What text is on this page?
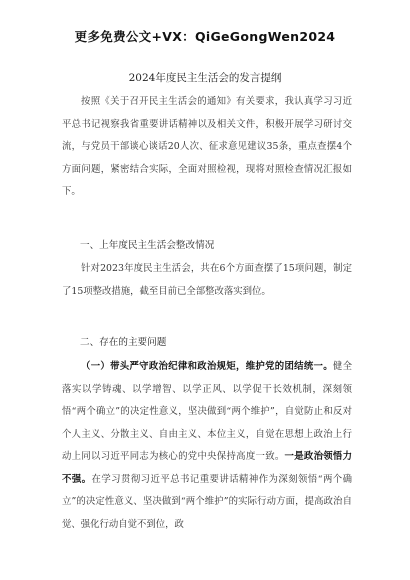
更多免费公文+VX：QiGeGongWen2024
2024年度民主生活会的发言提纲

按照《关于召开民主生活会的通知》有关要求，我认真学习习近平总书记视察我省重要讲话精神以及相关文件，积极开展学习研讨交流，与党员干部谈心谈话20人次、征求意见建议35条，重点查摆4个方面问题，紧密结合实际，全面对照检视，现将对照检查情况汇报如下。

一、上年度民主生活会整改情况

针对2023年度民主生活会，共在6个方面查摆了15项问题，制定了15项整改措施，截至目前已全部整改落实到位。

二、存在的主要问题

（一）带头严守政治纪律和政治规矩，维护党的团结统一。健全落实以学铸魂、以学增智、以学正风、以学促干长效机制，深刻领悟“两个确立”的决定性意义，坚决做到“两个维护”，自觉防止和反对个人主义、分散主义、自由主义、本位主义，自觉在思想上政治上行动上同以习近平同志为核心的党中央保持高度一致。一是政治领悟力不强。在学习贯彻习近平总书记重要讲话精神作为深刻领悟“两个确立”的决定性意义、坚决做到“两个维护”的实际行动方面，提高政治自觉、强化行动自觉不到位，政
